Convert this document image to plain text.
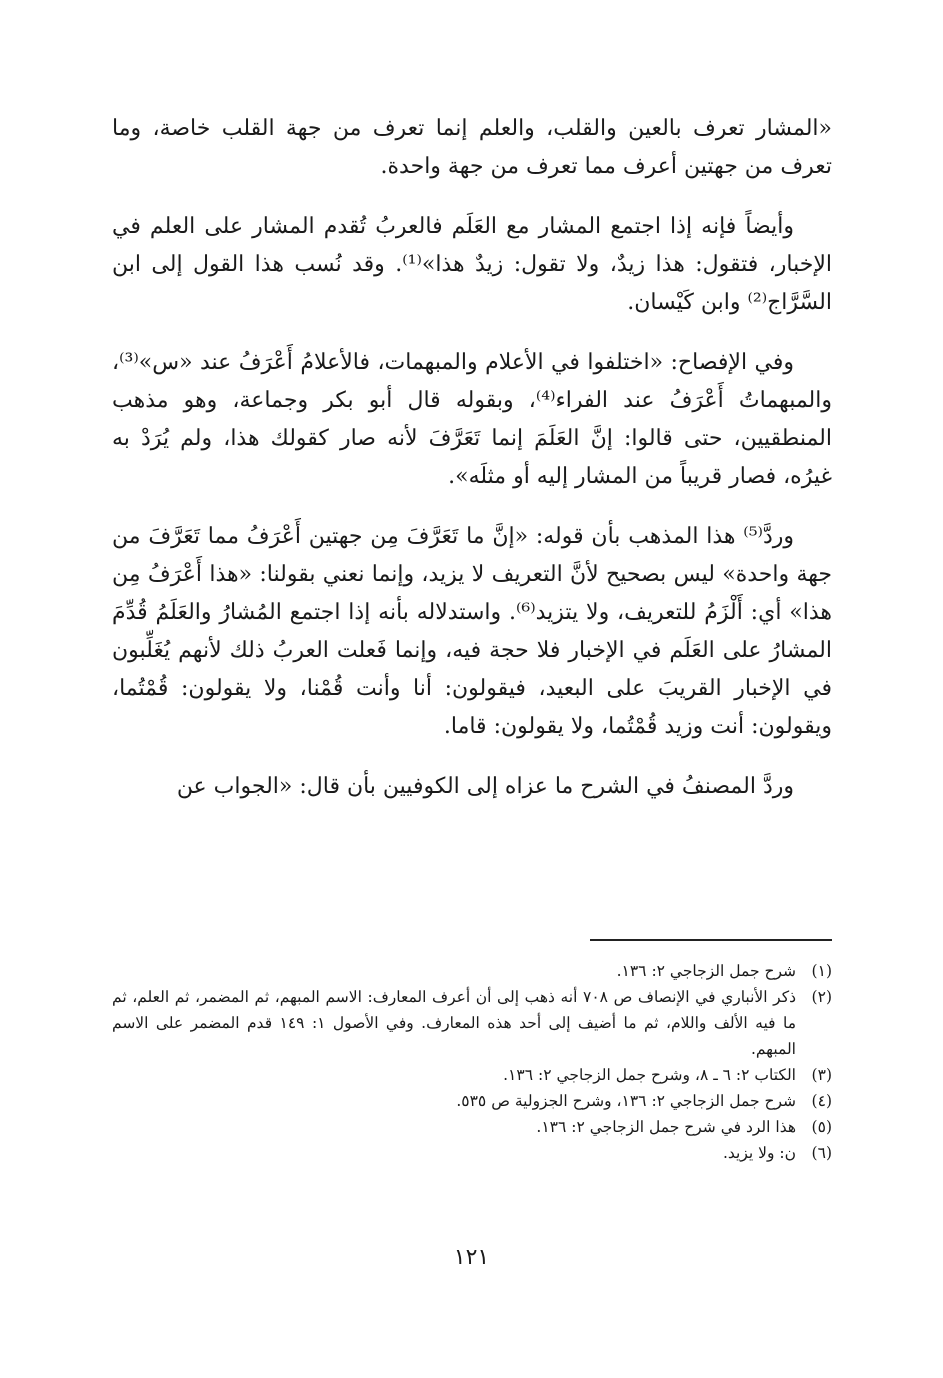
«المشار تعرف بالعين والقلب، والعلم إنما تعرف من جهة القلب خاصة، وما تعرف من جهتين أعرف مما تعرف من جهة واحدة.

وأيضاً فإنه إذا اجتمع المشار مع العَلَم فالعربُ تُقدم المشار على العلم في الإخبار، فتقول: هذا زيدٌ، ولا تقول: زيدٌ هذا»⁽¹⁾. وقد نُسب هذا القول إلى ابن السَّرَّاج⁽²⁾ وابن كَيْسان.

وفي الإفصاح: «اختلفوا في الأعلام والمبهمات، فالأعلامُ أَعْرَفُ عند «س»⁽³⁾، والمبهماتُ أَعْرَفُ عند الفراء⁽⁴⁾، وبقوله قال أبو بكر وجماعة، وهو مذهب المنطقيين، حتى قالوا: إنَّ العَلَمَ إنما تَعَرَّفَ لأنه صار كقولك هذا، ولم يُرَدْ به غيرُه، فصار قريباً من المشار إليه أو مثلَه».

وردَّ⁽⁵⁾ هذا المذهب بأن قوله: «إنَّ ما تَعَرَّفَ مِن جهتين أَعْرَفُ مما تَعَرَّفَ من جهة واحدة» ليس بصحيح لأنَّ التعريف لا يزيد، وإنما نعني بقولنا: «هذا أَعْرَفُ مِن هذا» أي: أَلْزَمُ للتعريف، ولا يتزيد⁽⁶⁾. واستدلاله بأنه إذا اجتمع المُشارُ والعَلَمُ قُدِّمَ المشارُ على العَلَم في الإخبار فلا حجة فيه، وإنما فَعلت العربُ ذلك لأنهم يُغَلِّبون في الإخبار القريبَ على البعيد، فيقولون: أنا وأنت قُمْنا، ولا يقولون: قُمْتُما، ويقولون: أنت وزيد قُمْتُما، ولا يقولون: قاما.

وردَّ المصنفُ في الشرح ما عزاه إلى الكوفيين بأن قال: «الجواب عن

(١)
شرح جمل الزجاجي ٢: ١٣٦.
(٢)
ذكر الأنباري في الإنصاف ص ٧٠٨ أنه ذهب إلى أن أعرف المعارف: الاسم المبهم، ثم المضمر، ثم العلم، ثم ما فيه الألف واللام، ثم ما أضيف إلى أحد هذه المعارف. وفي الأصول ١: ١٤٩ قدم المضمر على الاسم المبهم.
(٣)
الكتاب ٢: ٦ ـ ٨، وشرح جمل الزجاجي ٢: ١٣٦.
(٤)
شرح جمل الزجاجي ٢: ١٣٦، وشرح الجزولية ص ٥٣٥.
(٥)
هذا الرد في شرح جمل الزجاجي ٢: ١٣٦.
(٦)
ن: ولا يزيد.
١٢١
